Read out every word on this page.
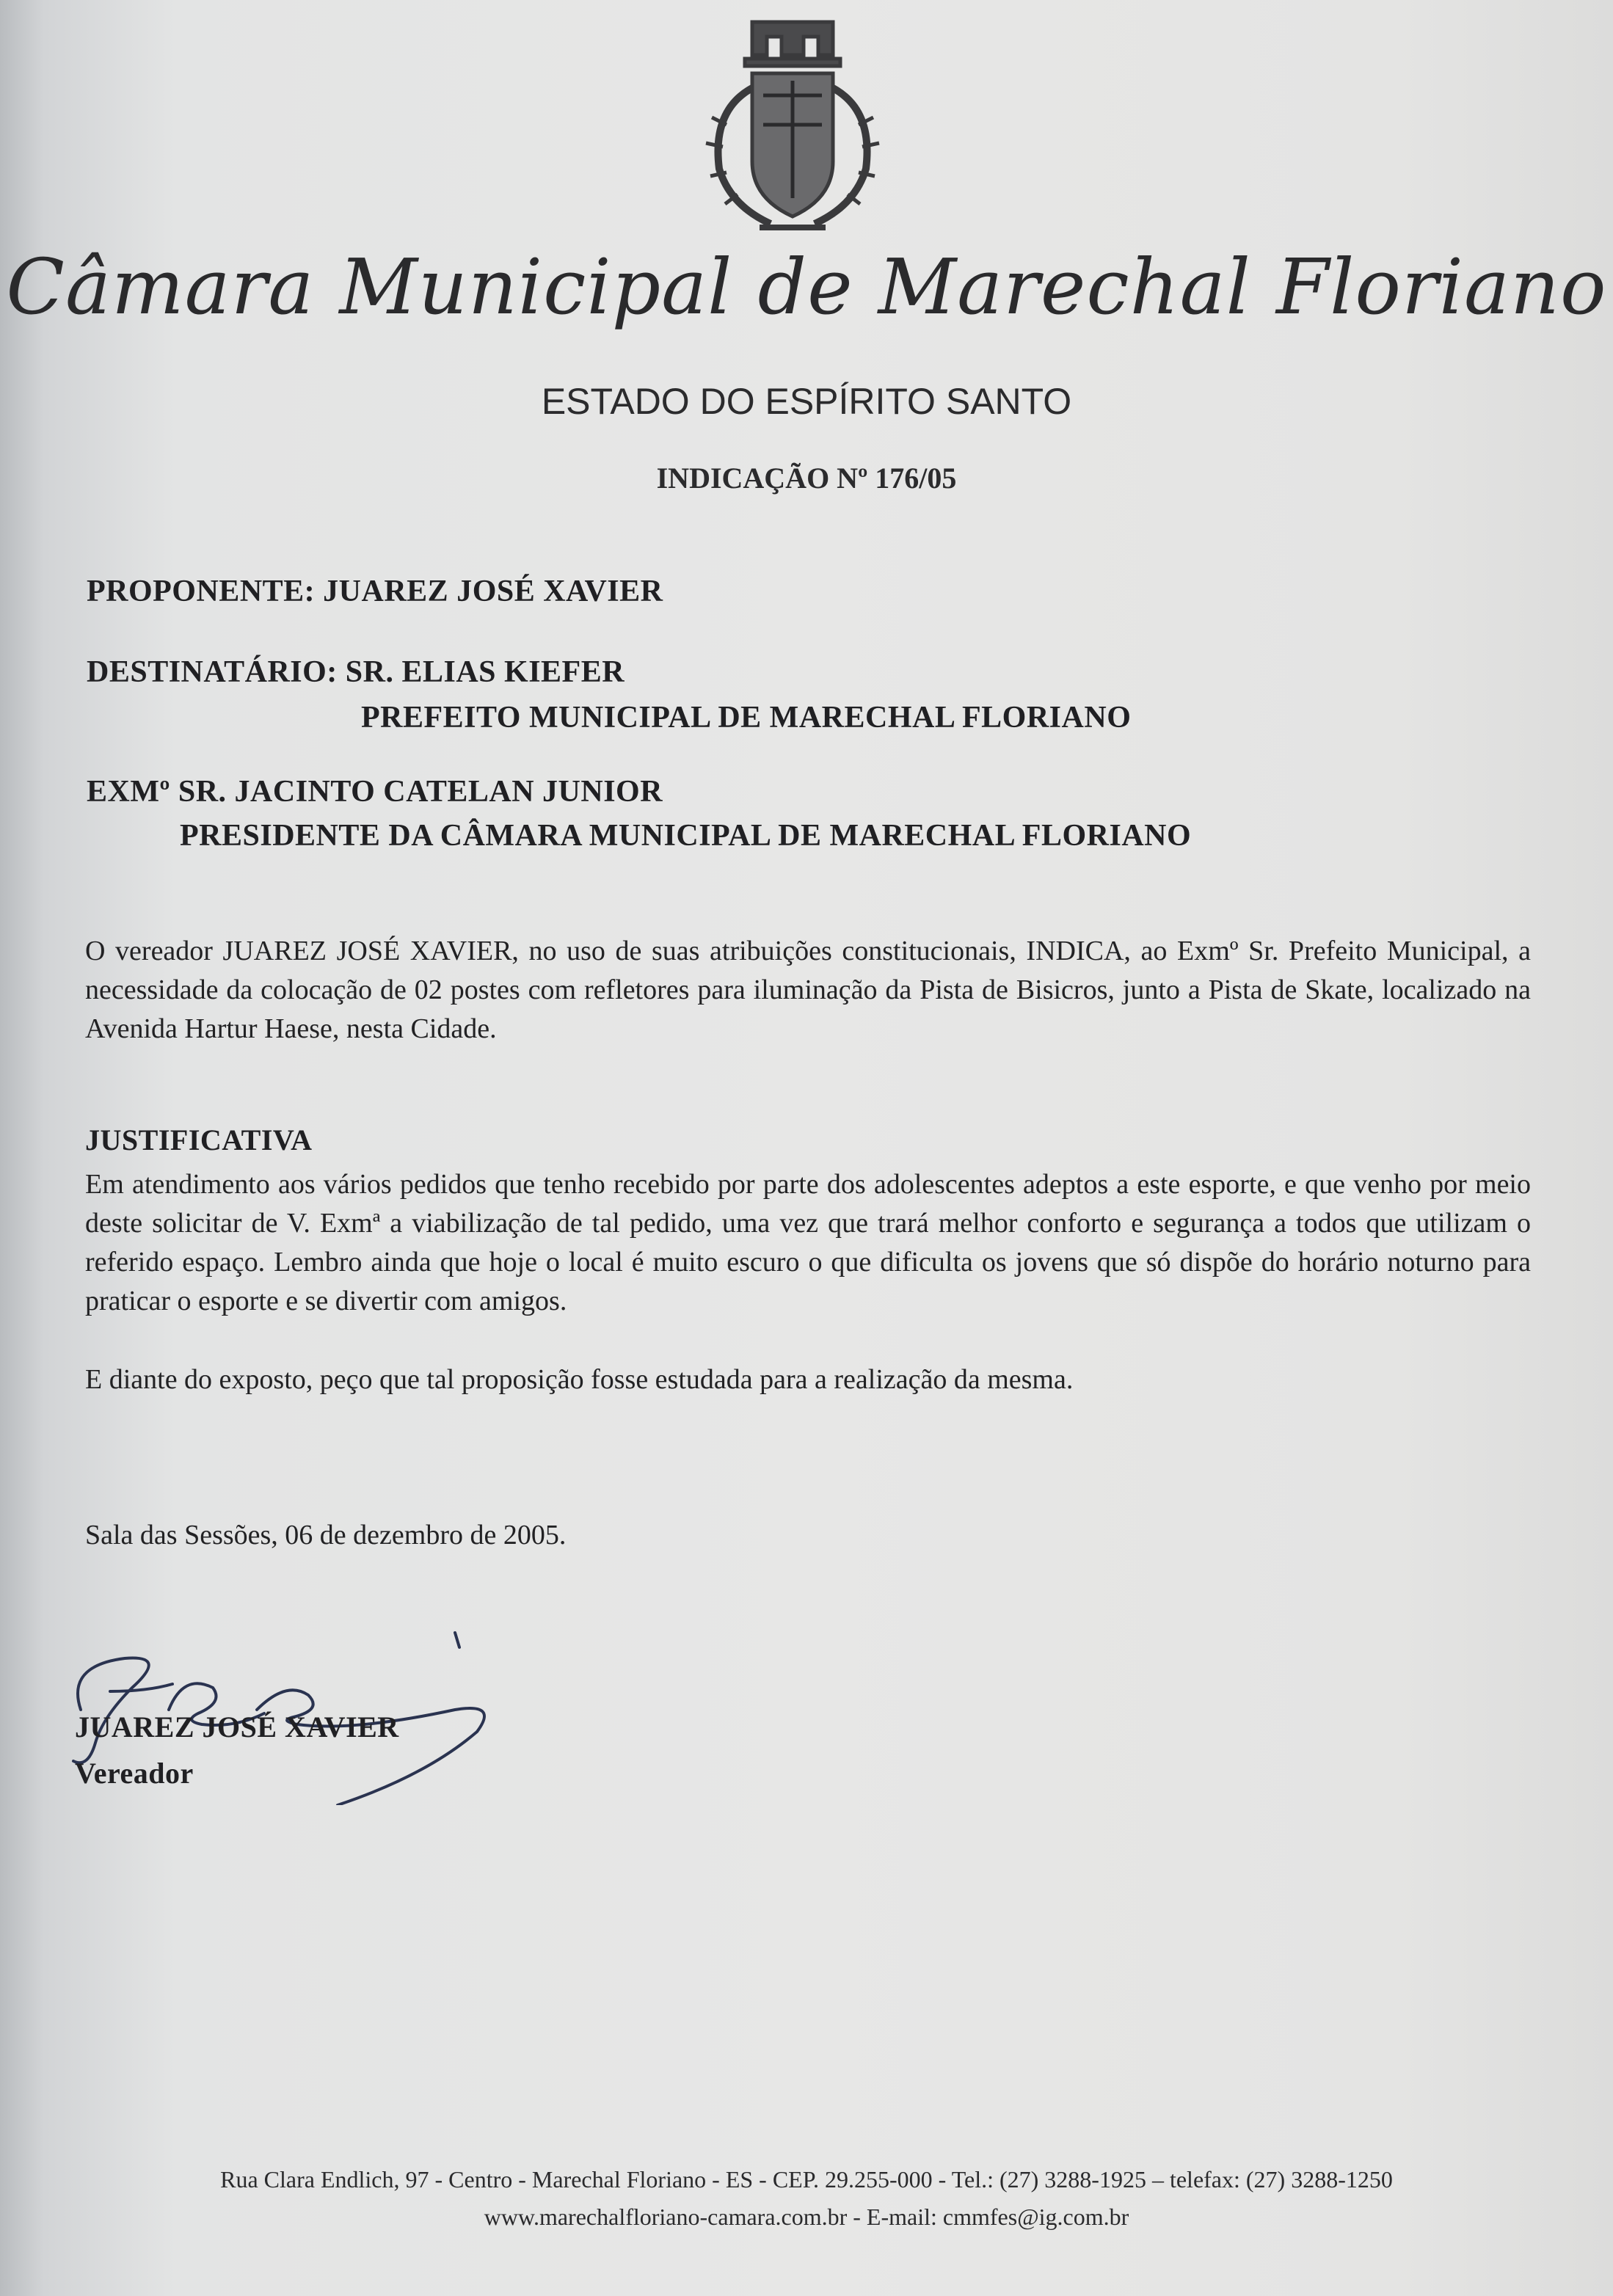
Câmara Municipal de Marechal Floriano
ESTADO DO ESPÍRITO SANTO
INDICAÇÃO Nº 176/05
PROPONENTE: JUAREZ JOSÉ XAVIER
DESTINATÁRIO: SR. ELIAS KIEFER
PREFEITO MUNICIPAL DE MARECHAL FLORIANO
EXMº SR. JACINTO CATELAN JUNIOR
PRESIDENTE DA CÂMARA MUNICIPAL DE MARECHAL FLORIANO

O vereador JUAREZ JOSÉ XAVIER, no uso de suas atribuições constitucionais, INDICA, ao Exmº Sr. Prefeito Municipal, a necessidade da colocação de 02 postes com refletores para iluminação da Pista de Bisicros, junto a Pista de Skate, localizado na Avenida Hartur Haese, nesta Cidade.

JUSTIFICATIVA

Em atendimento aos vários pedidos que tenho recebido por parte dos adolescentes adeptos a este esporte, e que venho por meio deste solicitar de V. Exmª a viabilização de tal pedido, uma vez que trará melhor conforto e segurança a todos que utilizam o referido espaço. Lembro ainda que hoje o local é muito escuro o que dificulta os jovens que só dispõe do horário noturno para praticar o esporte e se divertir com amigos.

E diante do exposto, peço que tal proposição fosse estudada para a realização da mesma.
Sala das Sessões, 06 de dezembro de 2005.
JUAREZ JOSÉ XAVIER
Vereador
Rua Clara Endlich, 97 - Centro - Marechal Floriano - ES - CEP. 29.255-000 - Tel.: (27) 3288-1925 – telefax: (27) 3288-1250
www.marechalfloriano-camara.com.br - E-mail: cmmfes@ig.com.br
